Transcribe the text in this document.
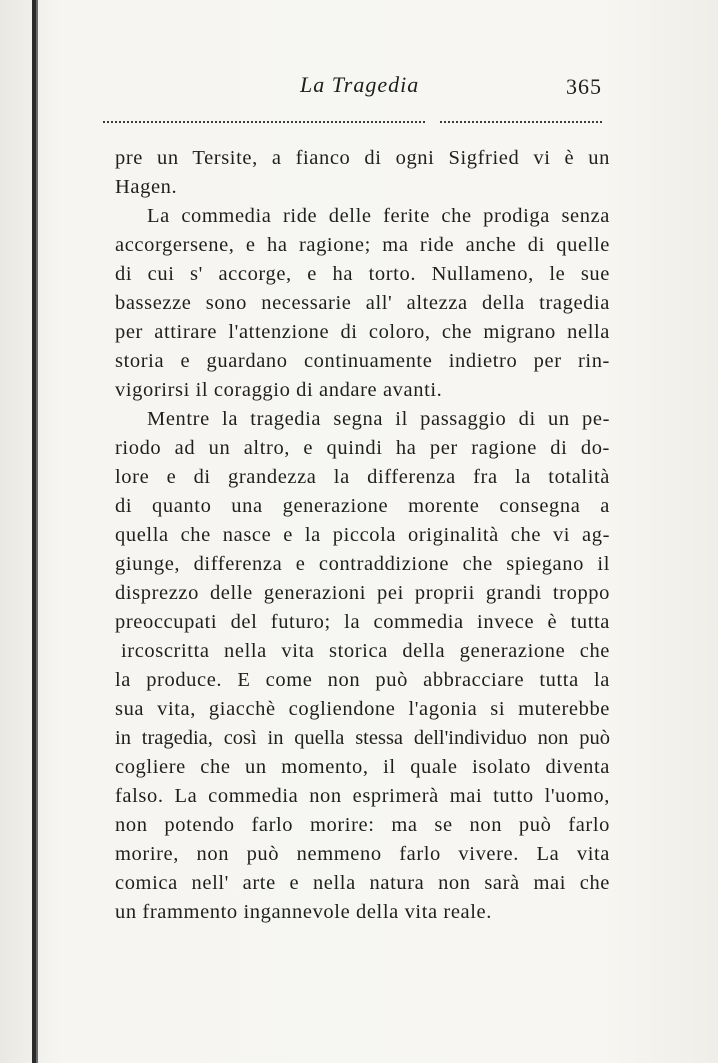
La Tragedia	365
pre un Tersite, a fianco di ogni Sigfried vi è un
Hagen.
La commedia ride delle ferite che prodiga senza
accorgersene, e ha ragione; ma ride anche di quelle
di cui s' accorge, e ha torto. Nullameno, le sue
bassezze sono necessarie all' altezza della tragedia
per attirare l'attenzione di coloro, che migrano nella
storia e guardano continuamente indietro per rin-
vigorirsi il coraggio di andare avanti.
Mentre la tragedia segna il passaggio di un pe-
riodo ad un altro, e quindi ha per ragione di do-
lore e di grandezza la differenza fra la totalità
di quanto una generazione morente consegna a
quella che nasce e la piccola originalità che vi ag-
giunge, differenza e contraddizione che spiegano il
disprezzo delle generazioni pei proprii grandi troppo
preoccupati del futuro; la commedia invece è tutta
ircoscritta nella vita storica della generazione che
la produce. E come non può abbracciare tutta la
sua vita, giacchè cogliendone l'agonia si muterebbe
in tragedia, così in quella stessa dell'individuo non può
cogliere che un momento, il quale isolato diventa
falso. La commedia non esprimerà mai tutto l'uomo,
non potendo farlo morire: ma se non può farlo
morire, non può nemmeno farlo vivere. La vita
comica nell' arte e nella natura non sarà mai che
un frammento ingannevole della vita reale.
